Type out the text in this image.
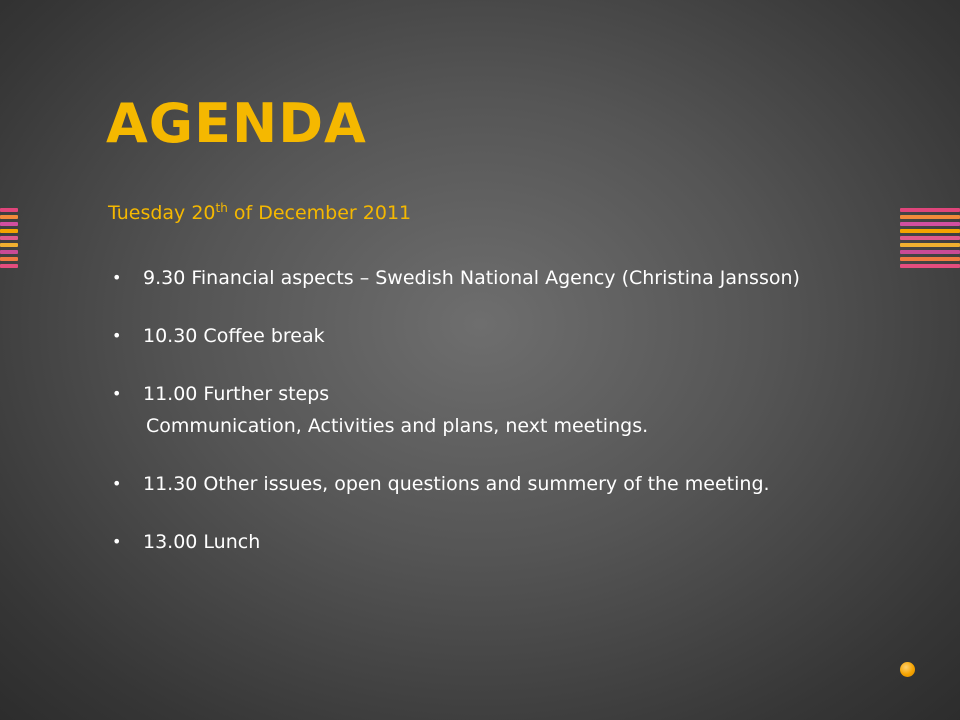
AGENDA

Tuesday 20th of December 2011

• 9.30 Financial aspects – Swedish National Agency (Christina Jansson)
• 10.30 Coffee break
• 11.00 Further steps
Communication, Activities and plans, next meetings.
• 11.30 Other issues, open questions and summery of the meeting.
• 13.00 Lunch
